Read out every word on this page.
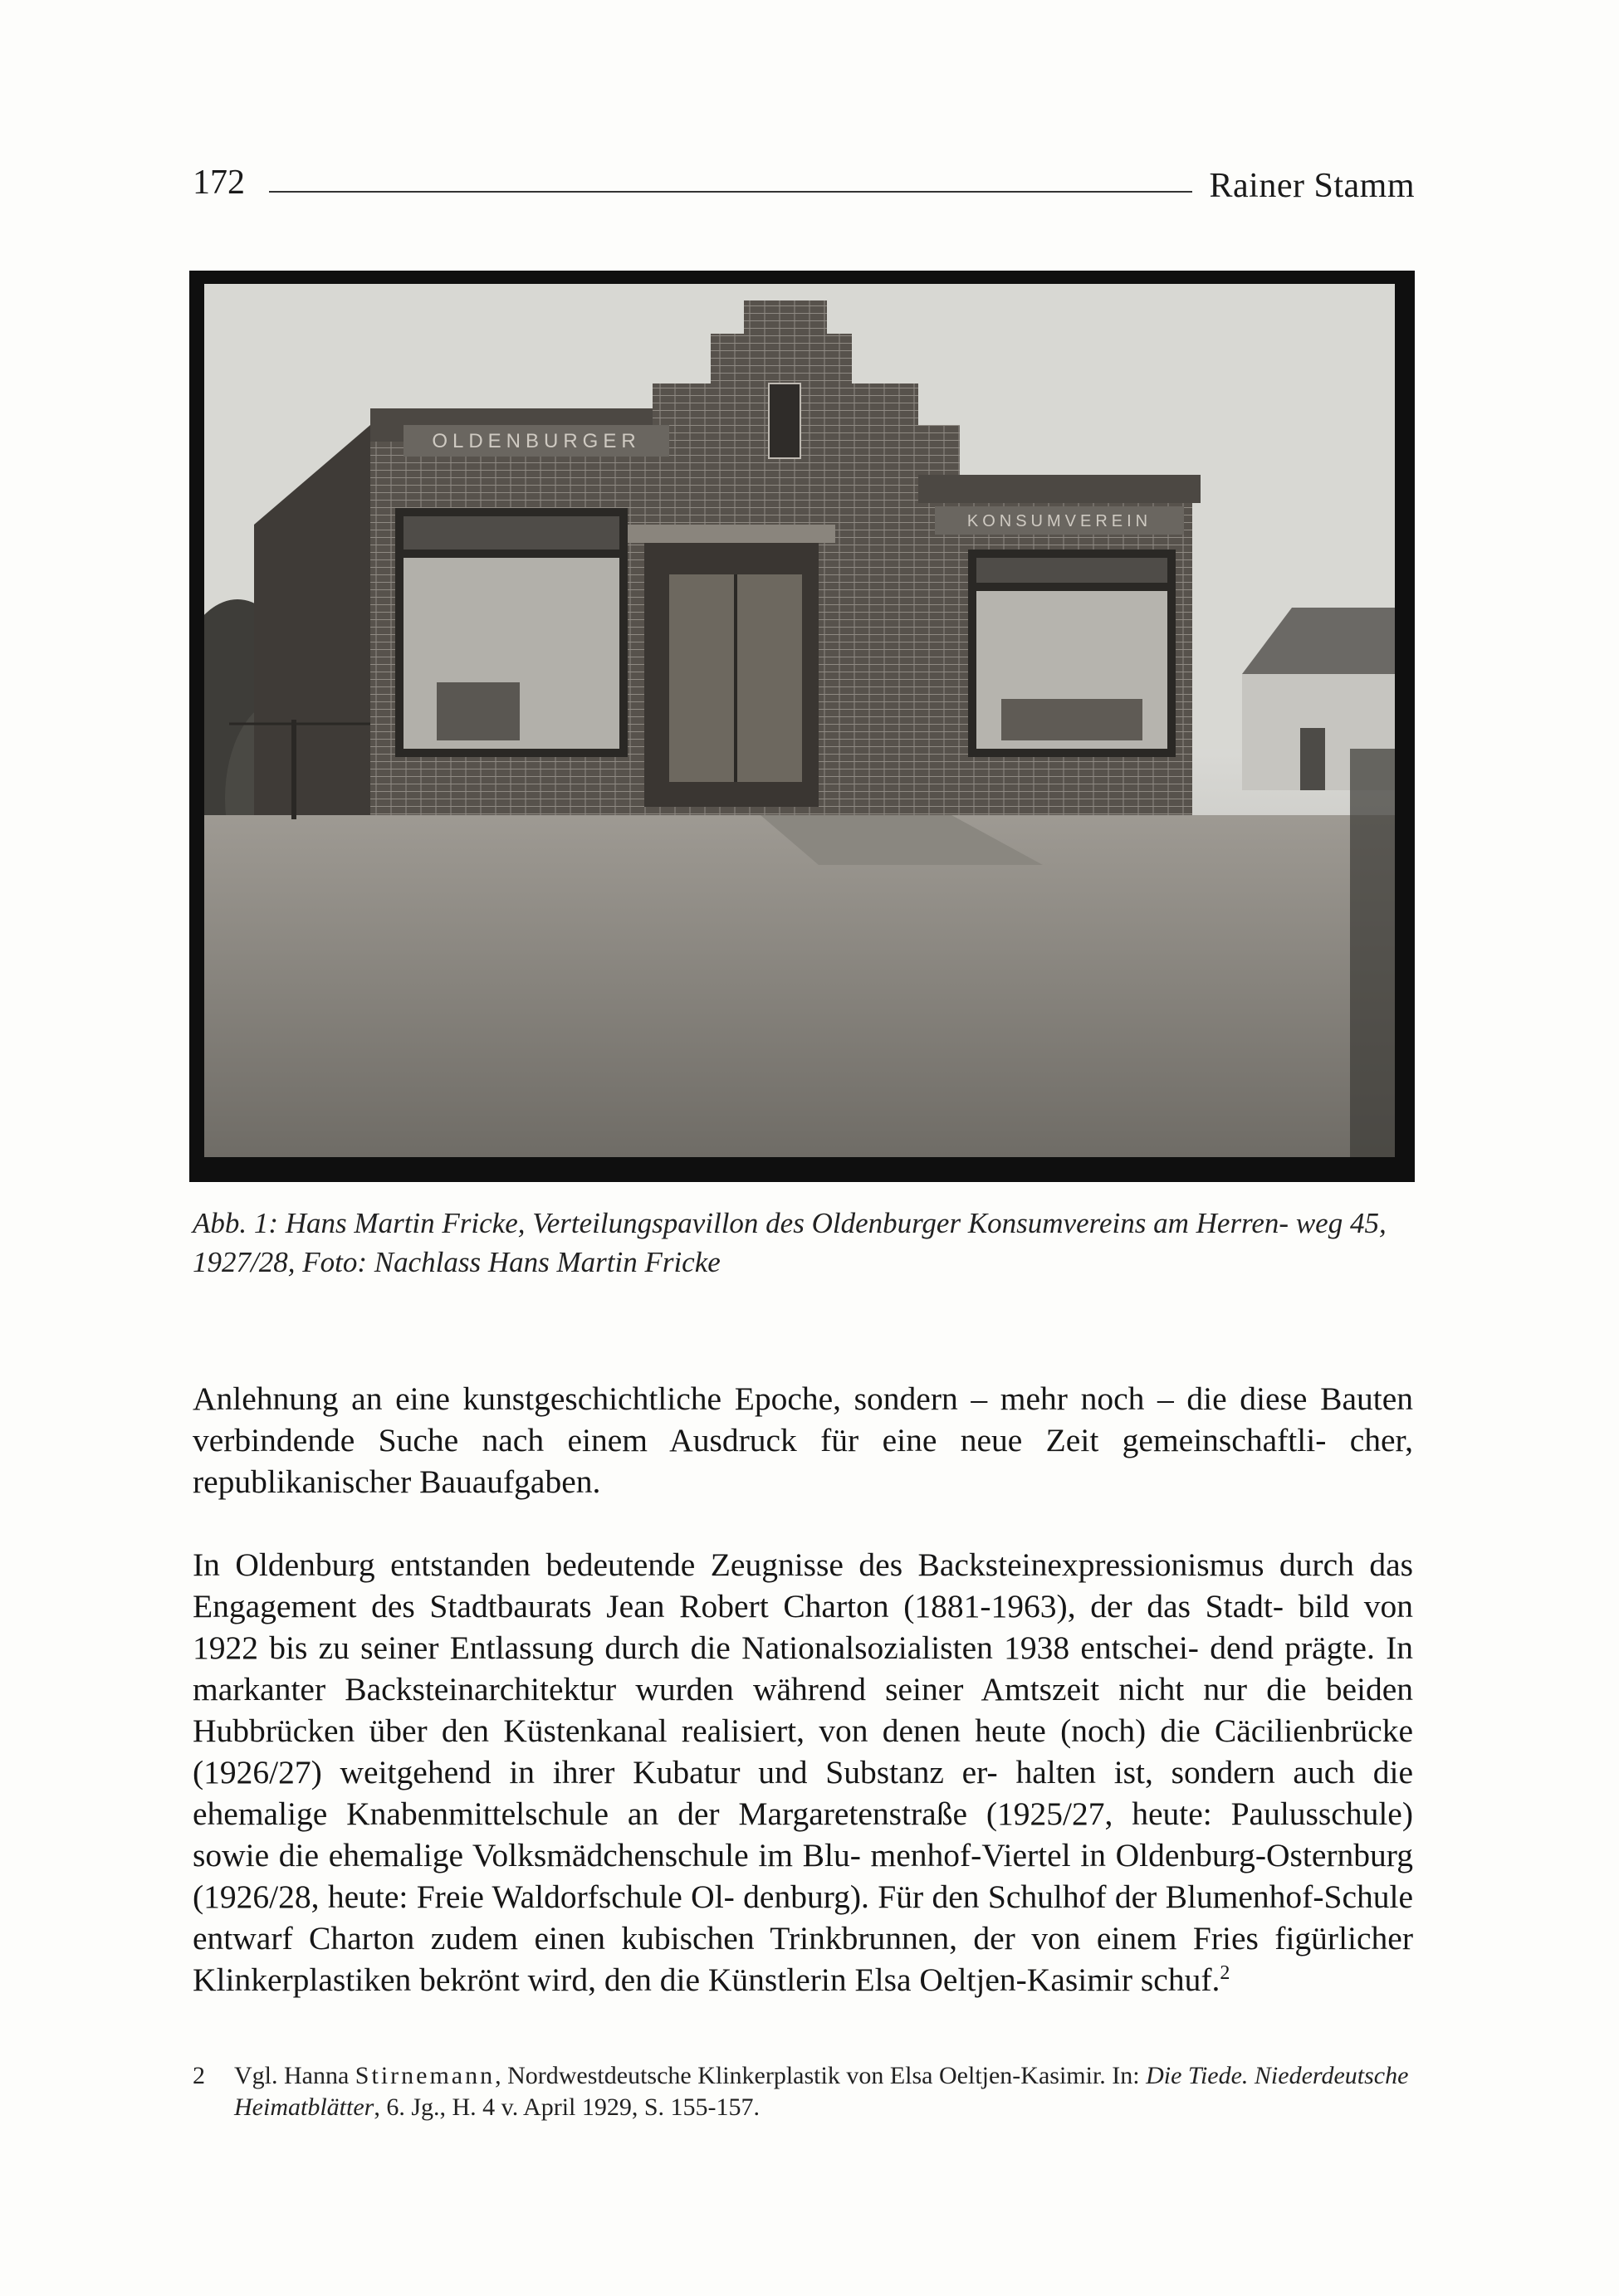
172	Rainer Stamm
OLDENBURGER
KONSUMVEREIN
Abb. 1: Hans Martin Fricke, Verteilungspavillon des Oldenburger Konsumvereins am Herren- weg 45, 1927/28, Foto: Nachlass Hans Martin Fricke

Anlehnung an eine kunstgeschichtliche Epoche, sondern – mehr noch – die diese Bauten verbindende Suche nach einem Ausdruck für eine neue Zeit gemeinschaftli- cher, republikanischer Bauaufgaben.

In Oldenburg entstanden bedeutende Zeugnisse des Backsteinexpressionismus durch das Engagement des Stadtbaurats Jean Robert Charton (1881-1963), der das Stadt- bild von 1922 bis zu seiner Entlassung durch die Nationalsozialisten 1938 entschei- dend prägte. In markanter Backsteinarchitektur wurden während seiner Amtszeit nicht nur die beiden Hubbrücken über den Küstenkanal realisiert, von denen heute (noch) die Cäcilienbrücke (1926/27) weitgehend in ihrer Kubatur und Substanz er- halten ist, sondern auch die ehemalige Knabenmittelschule an der Margaretenstraße (1925/27, heute: Paulusschule) sowie die ehemalige Volksmädchenschule im Blu- menhof-Viertel in Oldenburg-Osternburg (1926/28, heute: Freie Waldorfschule Ol- denburg). Für den Schulhof der Blumenhof-Schule entwarf Charton zudem einen kubischen Trinkbrunnen, der von einem Fries figürlicher Klinkerplastiken bekrönt wird, den die Künstlerin Elsa Oeltjen-Kasimir schuf.$^2$

2 Vgl. Hanna Stirnemann, Nordwestdeutsche Klinkerplastik von Elsa Oeltjen-Kasimir. In: Die Tiede. Niederdeutsche Heimatblätter, 6. Jg., H. 4 v. April 1929, S. 155-157.
